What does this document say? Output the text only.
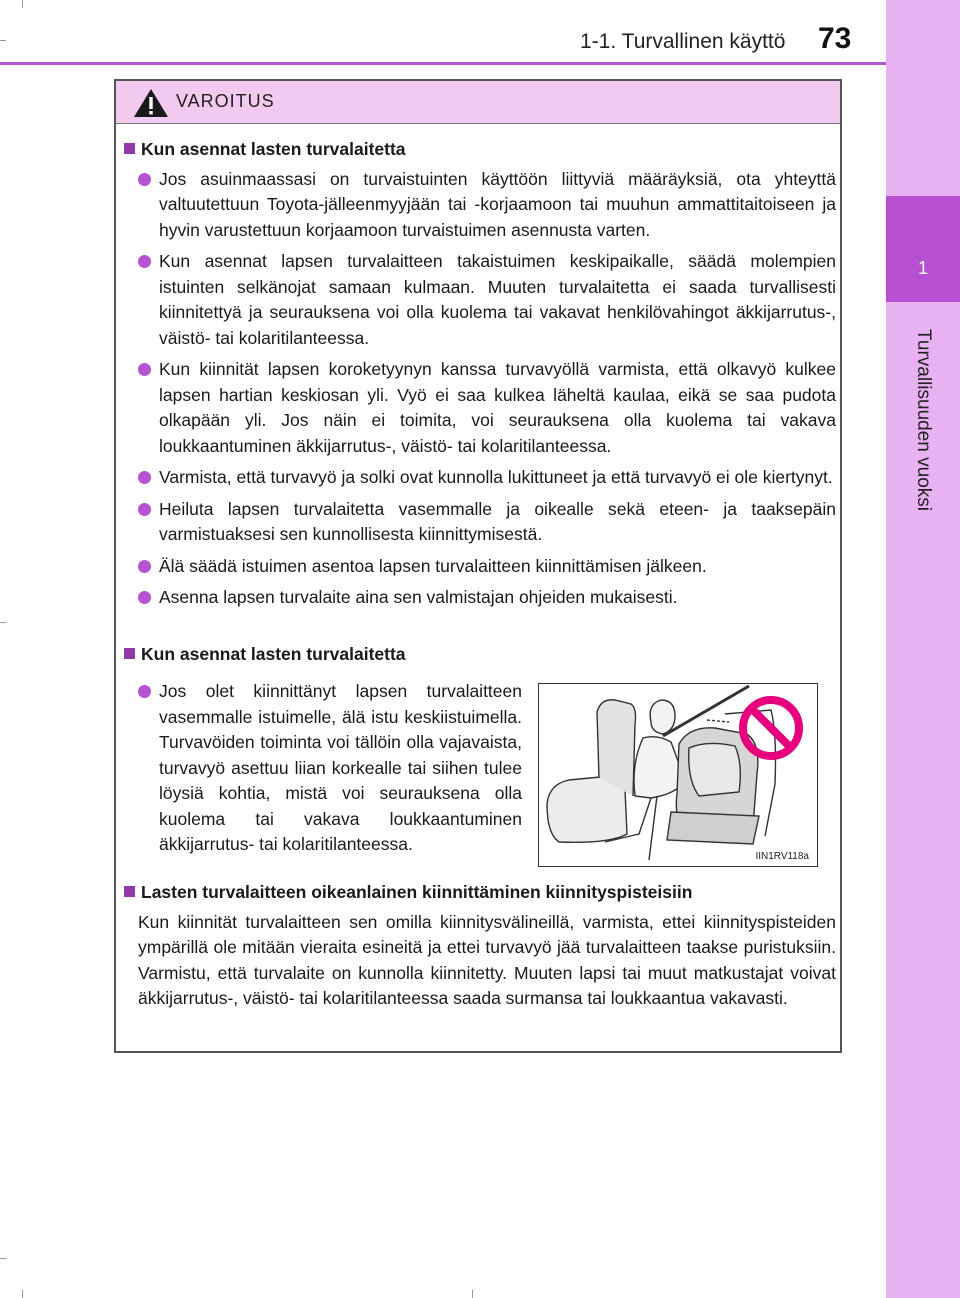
1-1. Turvallinen käyttö 73
1
Turvallisuuden vuoksi
VAROITUS
Kun asennat lasten turvalaitetta
Jos asuinmaassasi on turvaistuinten käyttöön liittyviä määräyksiä, ota yhteyttä valtuutettuun Toyota-jälleenmyyjään tai -korjaamoon tai muuhun ammattitaitoiseen ja hyvin varustettuun korjaamoon turvaistuimen asennusta varten.
Kun asennat lapsen turvalaitteen takaistuimen keskipaikalle, säädä molempien istuinten selkänojat samaan kulmaan. Muuten turvalaitetta ei saada turvallisesti kiinnitettyä ja seurauksena voi olla kuolema tai vakavat henkilövahingot äkkijarrutus-, väistö- tai kolaritilanteessa.
Kun kiinnität lapsen koroketyynyn kanssa turvavyöllä varmista, että olkavyö kulkee lapsen hartian keskiosan yli. Vyö ei saa kulkea läheltä kaulaa, eikä se saa pudota olkapään yli. Jos näin ei toimita, voi seurauksena olla kuolema tai vakava loukkaantuminen äkkijarrutus-, väistö- tai kolaritilanteessa.
Varmista, että turvavyö ja solki ovat kunnolla lukittuneet ja että turvavyö ei ole kiertynyt.
Heiluta lapsen turvalaitetta vasemmalle ja oikealle sekä eteen- ja taaksepäin varmistuaksesi sen kunnollisesta kiinnittymisestä.
Älä säädä istuimen asentoa lapsen turvalaitteen kiinnittämisen jälkeen.
Asenna lapsen turvalaite aina sen valmistajan ohjeiden mukaisesti.
Kun asennat lasten turvalaitetta
Jos olet kiinnittänyt lapsen turvalaitteen vasemmalle istuimelle, älä istu keskiistuimella. Turvavöiden toiminta voi tällöin olla vajavaista, turvavyö asettuu liian korkealle tai siihen tulee löysiä kohtia, mistä voi seurauksena olla kuolema tai vakava loukkaantuminen äkkijarrutus- tai kolaritilanteessa.
IIN1RV118a
Lasten turvalaitteen oikeanlainen kiinnittäminen kiinnityspisteisiin
Kun kiinnität turvalaitteen sen omilla kiinnitysvälineillä, varmista, ettei kiinnityspisteiden ympärillä ole mitään vieraita esineitä ja ettei turvavyö jää turvalaitteen taakse puristuksiin. Varmistu, että turvalaite on kunnolla kiinnitetty. Muuten lapsi tai muut matkustajat voivat äkkijarrutus-, väistö- tai kolaritilanteessa saada surmansa tai loukkaantua vakavasti.
